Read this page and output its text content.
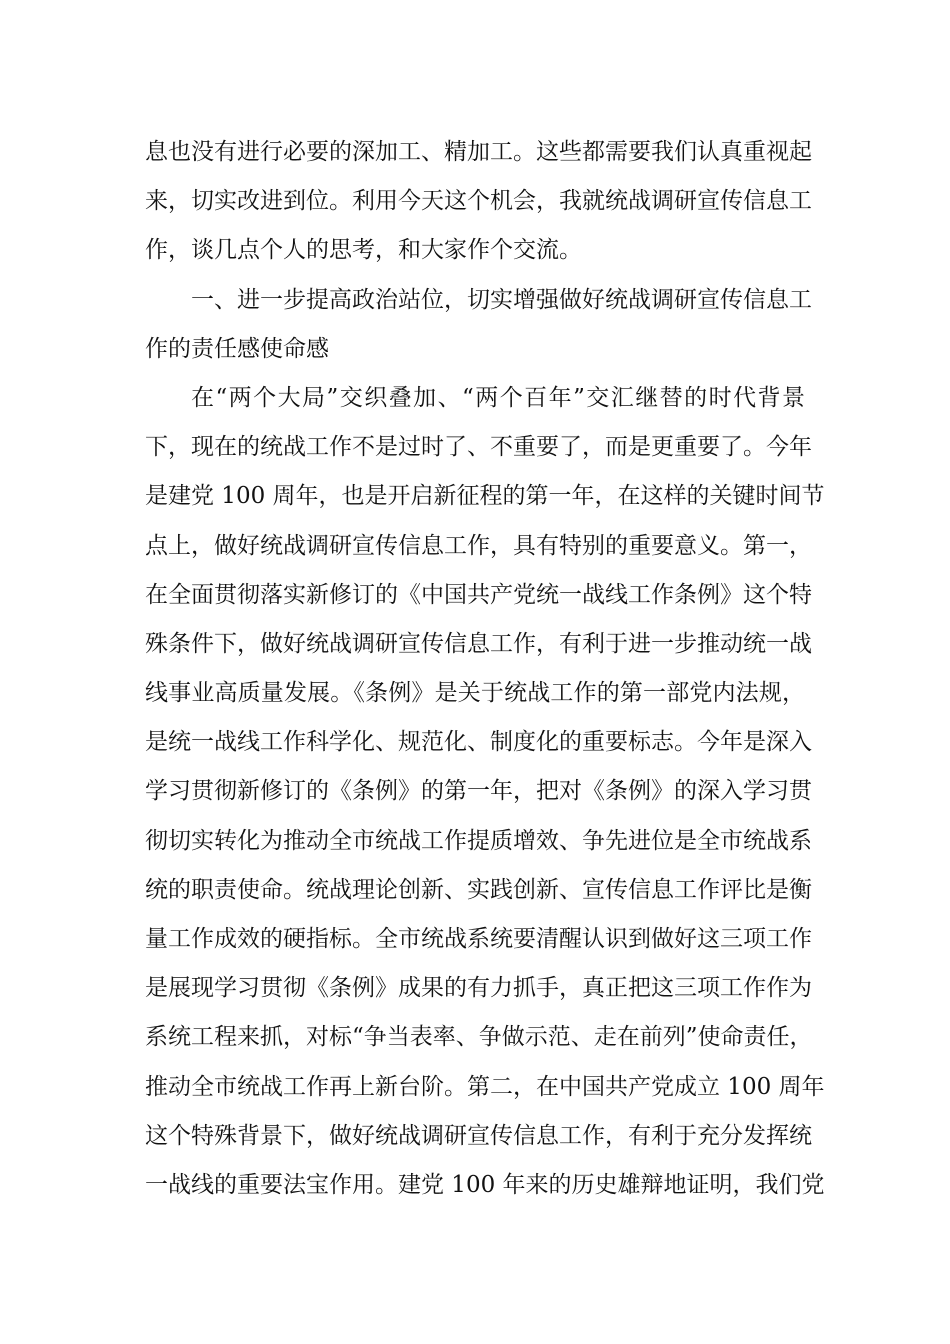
息也没有进行必要的深加工、精加工。这些都需要我们认真重视起
来，切实改进到位。利用今天这个机会，我就统战调研宣传信息工
作，谈几点个人的思考，和大家作个交流。
一、进一步提高政治站位，切实增强做好统战调研宣传信息工
作的责任感使命感
在“两个大局”交织叠加、“两个百年”交汇继替的时代背景
下，现在的统战工作不是过时了、不重要了，而是更重要了。今年
是建党 100 周年，也是开启新征程的第一年，在这样的关键时间节
点上，做好统战调研宣传信息工作，具有特别的重要意义。第一，
在全面贯彻落实新修订的《中国共产党统一战线工作条例》这个特
殊条件下，做好统战调研宣传信息工作，有利于进一步推动统一战
线事业高质量发展。《条例》是关于统战工作的第一部党内法规，
是统一战线工作科学化、规范化、制度化的重要标志。今年是深入
学习贯彻新修订的《条例》的第一年，把对《条例》的深入学习贯
彻切实转化为推动全市统战工作提质增效、争先进位是全市统战系
统的职责使命。统战理论创新、实践创新、宣传信息工作评比是衡
量工作成效的硬指标。全市统战系统要清醒认识到做好这三项工作
是展现学习贯彻《条例》成果的有力抓手，真正把这三项工作作为
系统工程来抓，对标“争当表率、争做示范、走在前列”使命责任，
推动全市统战工作再上新台阶。第二，在中国共产党成立 100 周年
这个特殊背景下，做好统战调研宣传信息工作，有利于充分发挥统
一战线的重要法宝作用。建党 100 年来的历史雄辩地证明，我们党
